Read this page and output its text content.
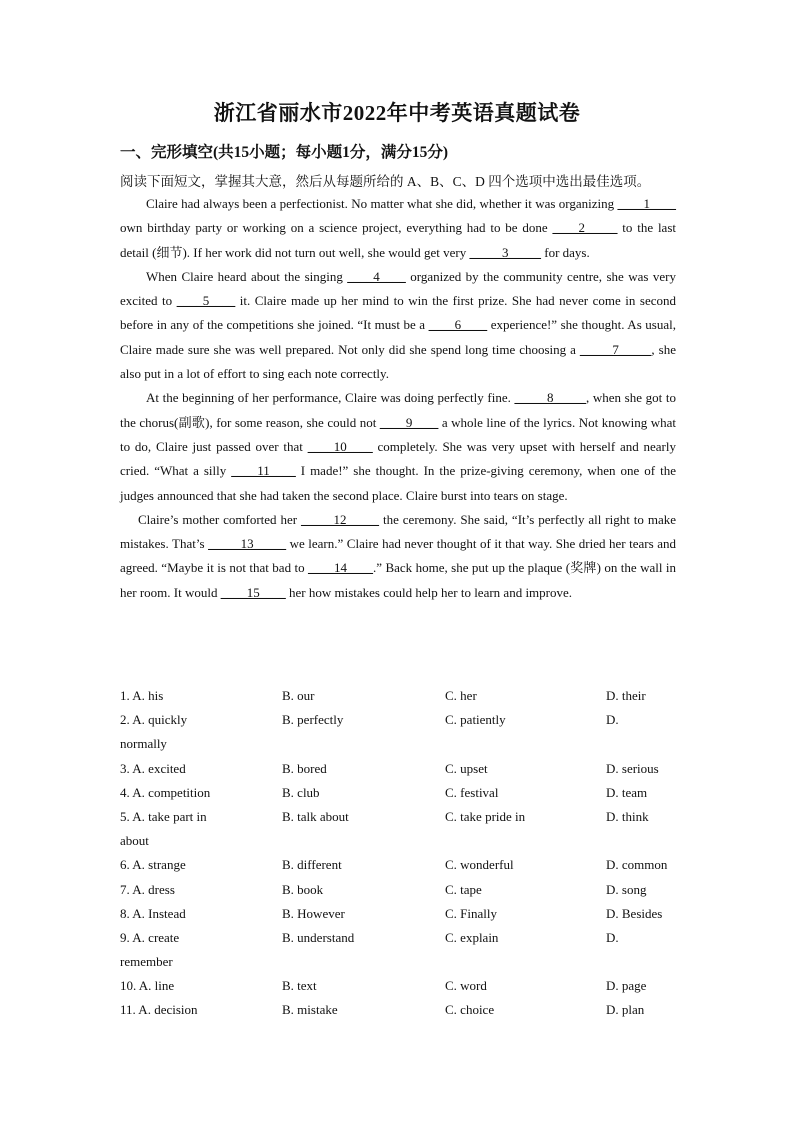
浙江省丽水市2022年中考英语真题试卷
一、完形填空(共15小题；每小题1分，满分15分)
阅读下面短文，掌握其大意，然后从每题所给的 A、B、C、D 四个选项中选出最佳选项。

Claire had always been a perfectionist. No matter what she did, whether it was organizing ____1____ own birthday party or working on a science project, everything had to be done ____2_____ to the last detail (细节). If her work did not turn out well, she would get very _____3_____ for days.

When Claire heard about the singing ____4____ organized by the community centre, she was very excited to ____5____ it. Claire made up her mind to win the first prize. She had never come in second before in any of the competitions she joined. “It must be a ____6____ experience!” she thought. As usual, Claire made sure she was well prepared. Not only did she spend long time choosing a _____7_____, she also put in a lot of effort to sing each note correctly.

At the beginning of her performance, Claire was doing perfectly fine. _____8_____, when she got to the chorus(副歌), for some reason, she could not ____9____ a whole line of the lyrics. Not knowing what to do, Claire just passed over that ____10____ completely. She was very upset with herself and nearly cried. “What a silly ____11____ I made!” she thought. In the prize-giving ceremony, when one of the judges announced that she had taken the second place. Claire burst into tears on stage.

Claire’s mother comforted her _____12_____ the ceremony. She said, “It’s perfectly all right to make mistakes. That’s _____13_____ we learn.” Claire had never thought of it that way. She dried her tears and agreed. “Maybe it is not that bad to ____14____.” Back home, she put up the plaque (奖牌) on the wall in her room. It would ____15____ her how mistakes could help her to learn and improve.

1. A. his	B. our	C. her	D. their
2. A. quickly	B. perfectly	C. patiently	D.
normally
3. A. excited	B. bored	C. upset	D. serious
4. A. competition	B. club	C. festival	D. team
5. A. take part in	B. talk about	C. take pride in	D. think
about
6. A. strange	B. different	C. wonderful	D. common
7. A. dress	B. book	C. tape	D. song
8. A. Instead	B. However	C. Finally	D. Besides
9. A. create	B. understand	C. explain	D.
remember
10. A. line	B. text	C. word	D. page
11. A. decision	B. mistake	C. choice	D. plan
